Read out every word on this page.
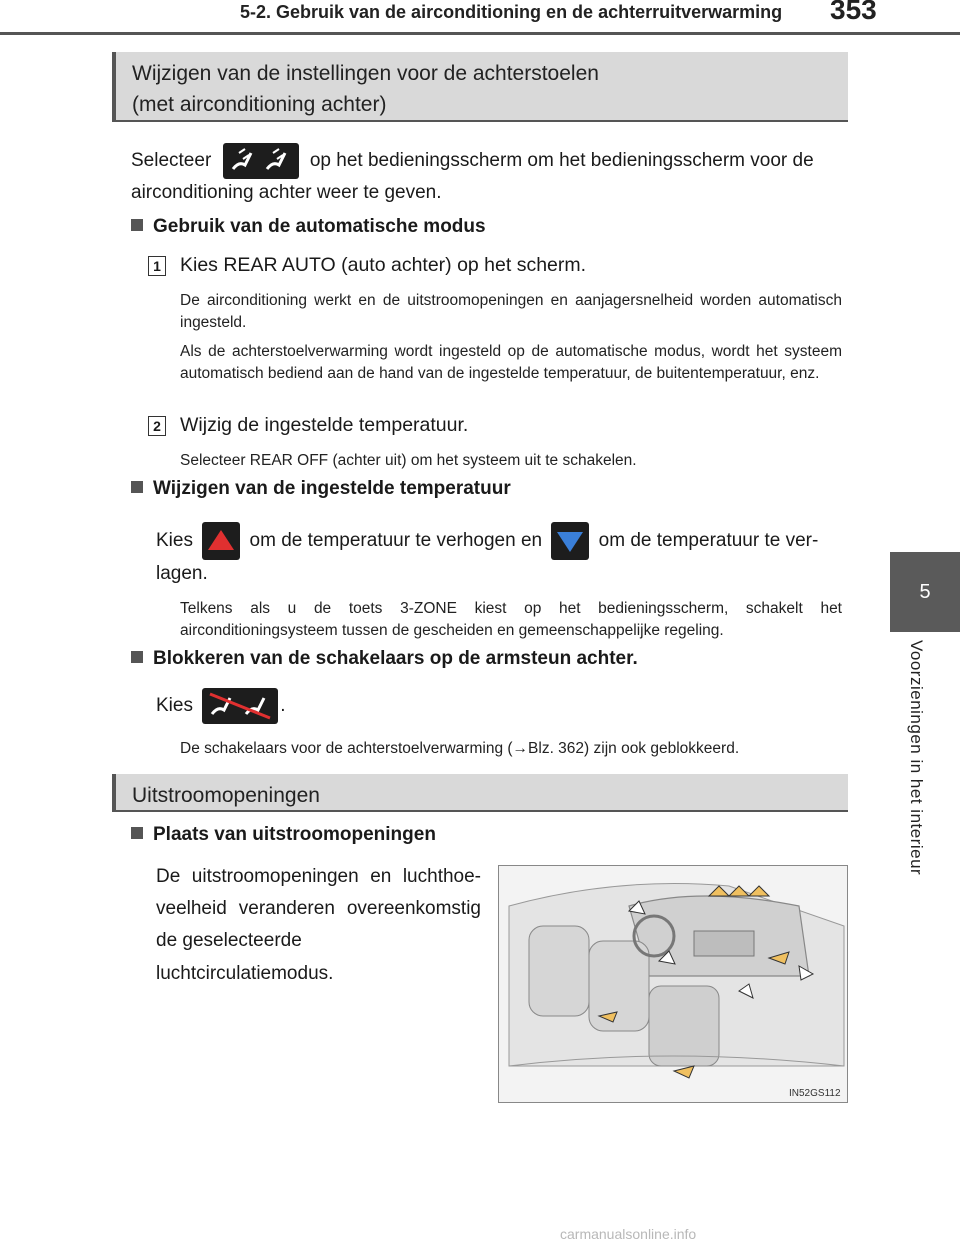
5-2. Gebruik van de airconditioning en de achterruitverwarming 353
5
Voorzieningen in het interieur
Wijzigen van de instellingen voor de achterstoelen
(met airconditioning achter)
Selecteer	op het bedieningsscherm om het bedieningsscherm voor de
airconditioning achter weer te geven.
Gebruik van de automatische modus
1 Kies REAR AUTO (auto achter) op het scherm.
De airconditioning werkt en de uitstroomopeningen en aanjagersnelheid worden automatisch ingesteld.
Als de achterstoelverwarming wordt ingesteld op de automatische modus, wordt het systeem automatisch bediend aan de hand van de ingestelde temperatuur, de buitentemperatuur, enz.
2 Wijzig de ingestelde temperatuur.
Selecteer REAR OFF (achter uit) om het systeem uit te schakelen.
Wijzigen van de ingestelde temperatuur
Kies	om de temperatuur te verhogen en	om de temperatuur te ver-
lagen.
Telkens als u de toets 3-ZONE kiest op het bedieningsscherm, schakelt het airconditioningsysteem tussen de gescheiden en gemeenschappelijke regeling.
Blokkeren van de schakelaars op de armsteun achter.
Kies	.
De schakelaars voor de achterstoelverwarming (→Blz. 362) zijn ook geblokkeerd.
Uitstroomopeningen
Plaats van uitstroomopeningen
De uitstroomopeningen en luchthoe-
veelheid veranderen overeenkomstig
de geselecteerde luchtcirculatiemodus.
IN52GS112
carmanualsonline.info
